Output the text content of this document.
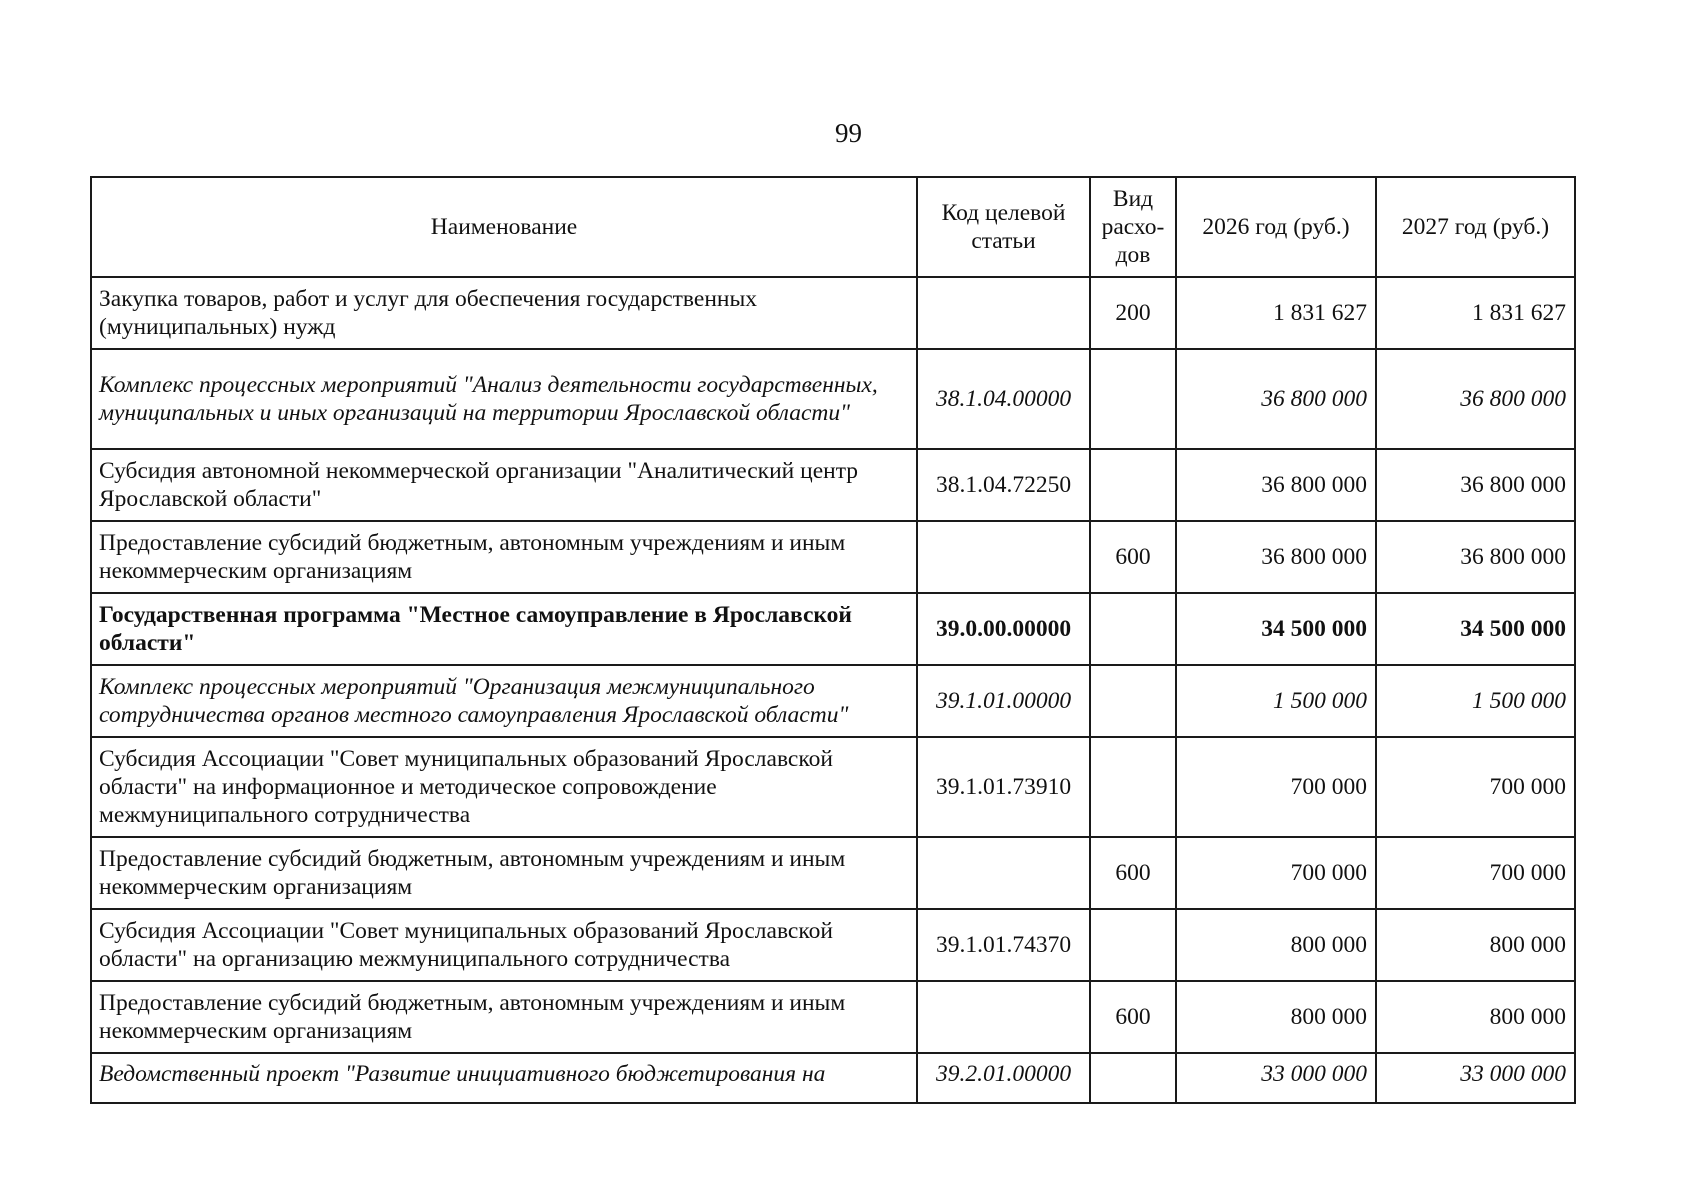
99
Наименование	Код целевой статьи	Вид расхо-дов	2026 год (руб.)	2027 год (руб.)
Закупка товаров, работ и услуг для обеспечения государственных (муниципальных) нужд		200	1 831 627	1 831 627
Комплекс процессных мероприятий "Анализ деятельности государственных, муниципальных и иных организаций на территории Ярославской области"	38.1.04.00000		36 800 000	36 800 000
Субсидия автономной некоммерческой организации "Аналитический центр Ярославской области"	38.1.04.72250		36 800 000	36 800 000
Предоставление субсидий бюджетным, автономным учреждениям и иным некоммерческим организациям		600	36 800 000	36 800 000
Государственная программа "Местное самоуправление в Ярославской области"	39.0.00.00000		34 500 000	34 500 000
Комплекс процессных мероприятий "Организация межмуниципального сотрудничества органов местного самоуправления Ярославской области"	39.1.01.00000		1 500 000	1 500 000
Субсидия Ассоциации "Совет муниципальных образований Ярославской области" на информационное и методическое сопровождение межмуниципального сотрудничества	39.1.01.73910		700 000	700 000
Предоставление субсидий бюджетным, автономным учреждениям и иным некоммерческим организациям		600	700 000	700 000
Субсидия Ассоциации "Совет муниципальных образований Ярославской области" на организацию межмуниципального сотрудничества	39.1.01.74370		800 000	800 000
Предоставление субсидий бюджетным, автономным учреждениям и иным некоммерческим организациям		600	800 000	800 000
Ведомственный проект "Развитие инициативного бюджетирования на	39.2.01.00000		33 000 000	33 000 000
